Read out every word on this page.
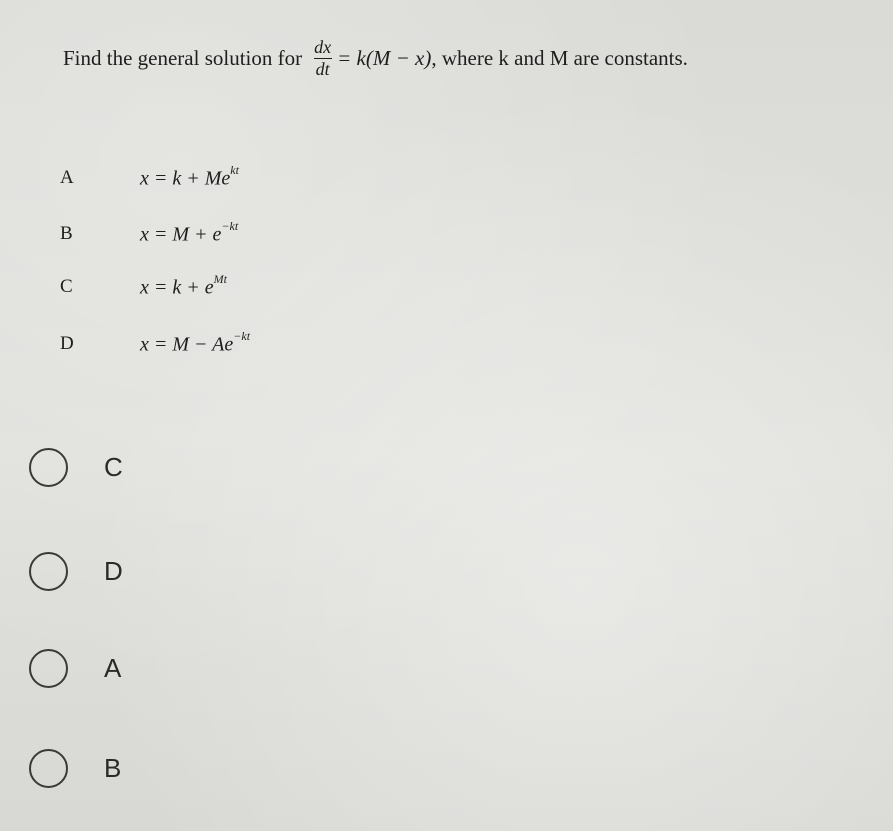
Find the general solution for $\frac{dx}{dt} = k(M - x)$ , where k and M are constants.
A	$x = k + Me^{kt}$
B	$x = M + e^{-kt}$
C	$x = k + e^{Mt}$
D	$x = M - Ae^{-kt}$
C
D
A
B
